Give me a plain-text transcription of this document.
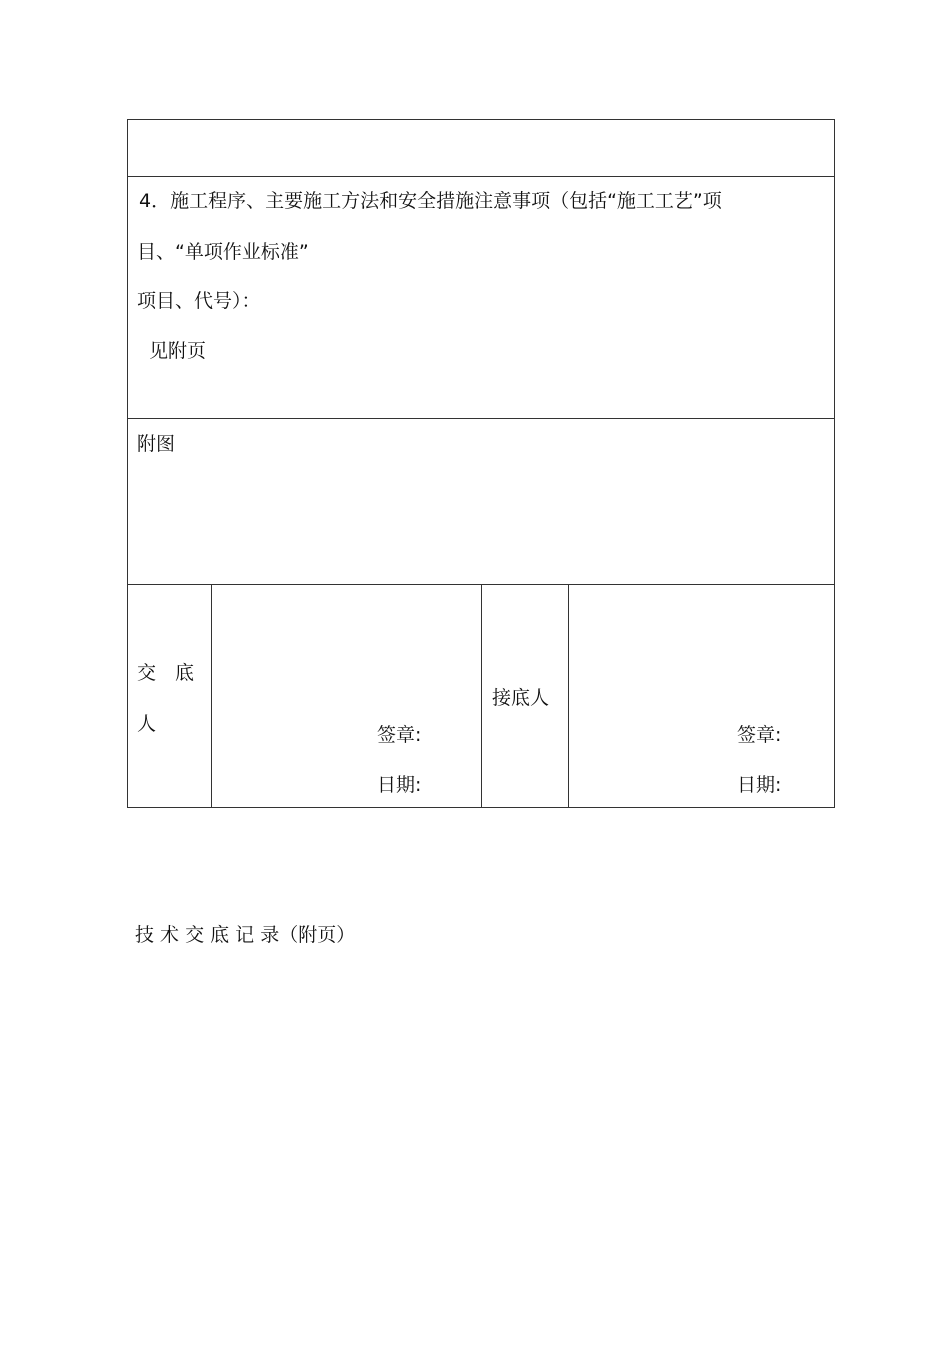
4．施工程序、主要施工方法和安全措施注意事项（包括“施工工艺”项
目、“单项作业标准”
项目、代号）：
见附页
附图
交　底
人	签章:
日期:
接底人
签章:
日期:
技 术 交 底 记 录（附页）
